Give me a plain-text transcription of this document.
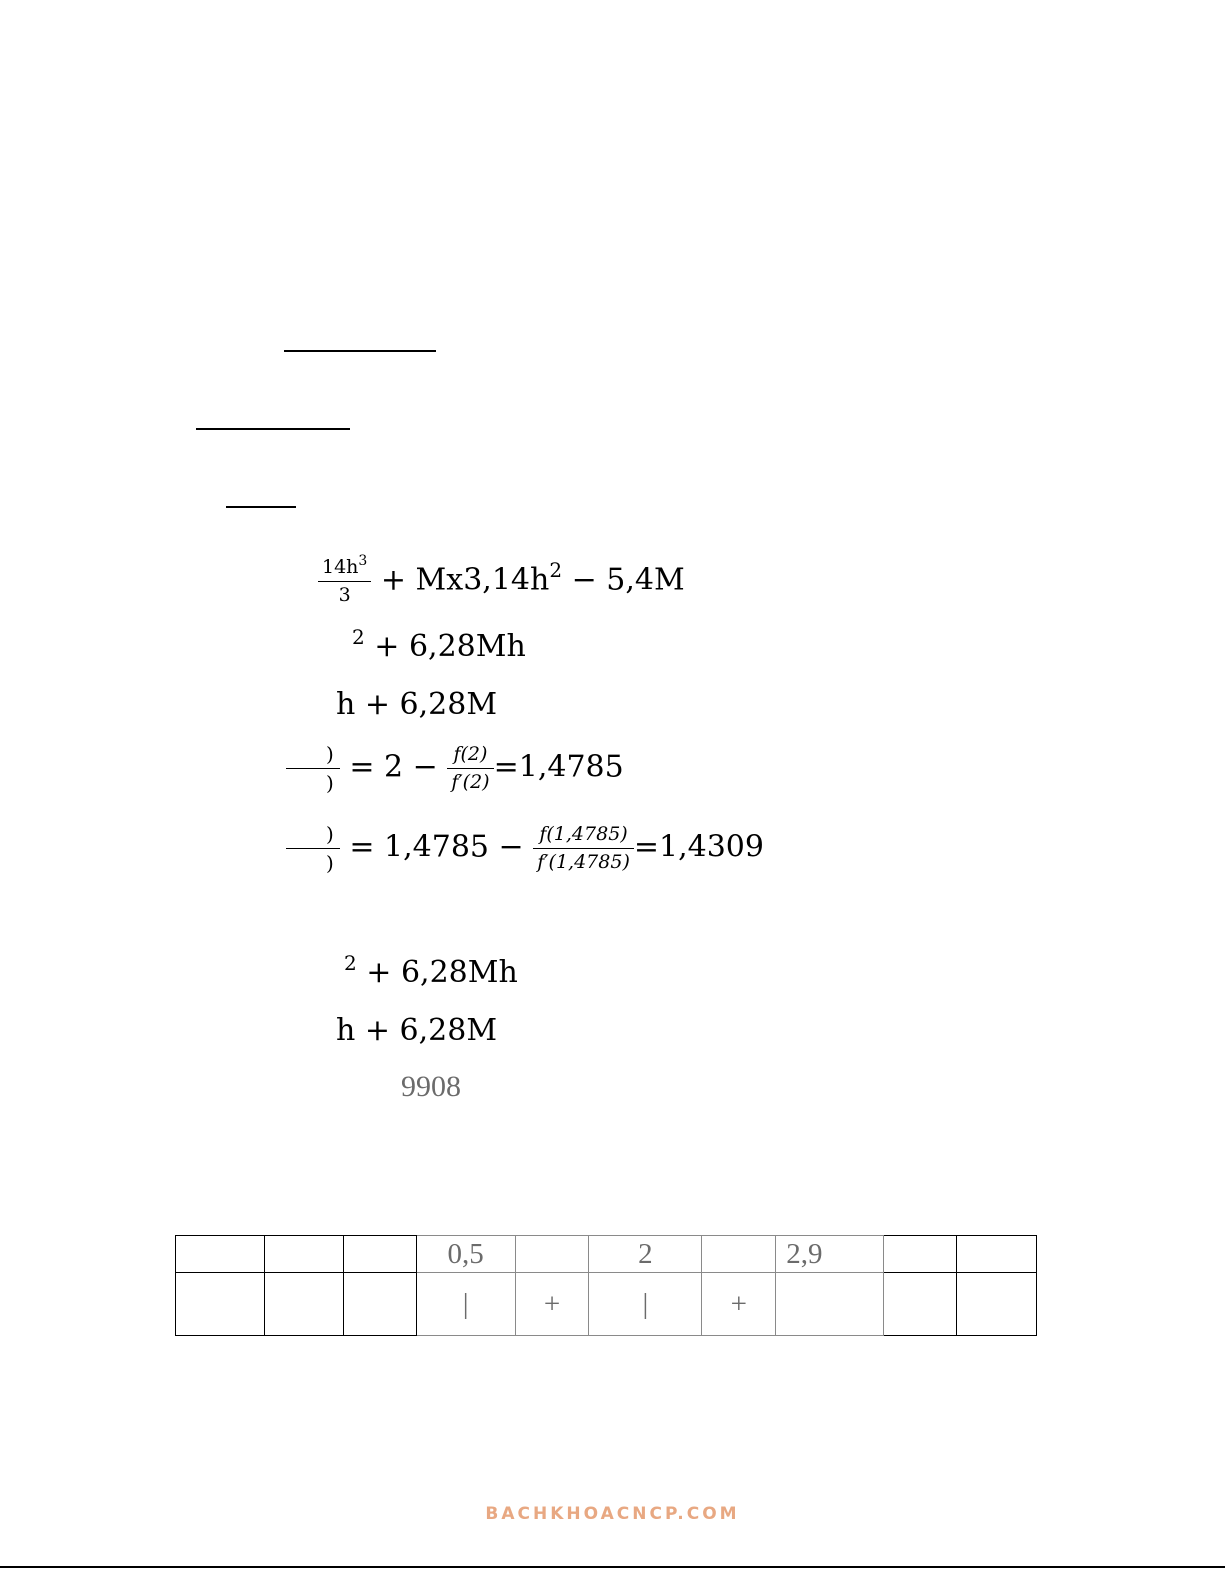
$\frac{14h^3}{3} + Mx3,14h^2 - 5,4M$
$^2$ + 6,28Mh
h + 6,28M
$\frac{)}{)} = 2 - \frac{f(2)}{f'(2)} =1,4785$
$\frac{)}{)} = 1,4785 - \frac{f(1,4785)}{f'(1,4785)} =1,4309$
$^2$ + 6,28Mh
h + 6,28M
9908
			0,5		2		2,9		
			|	+	|	+			
BACHKHOACNCP.COM
